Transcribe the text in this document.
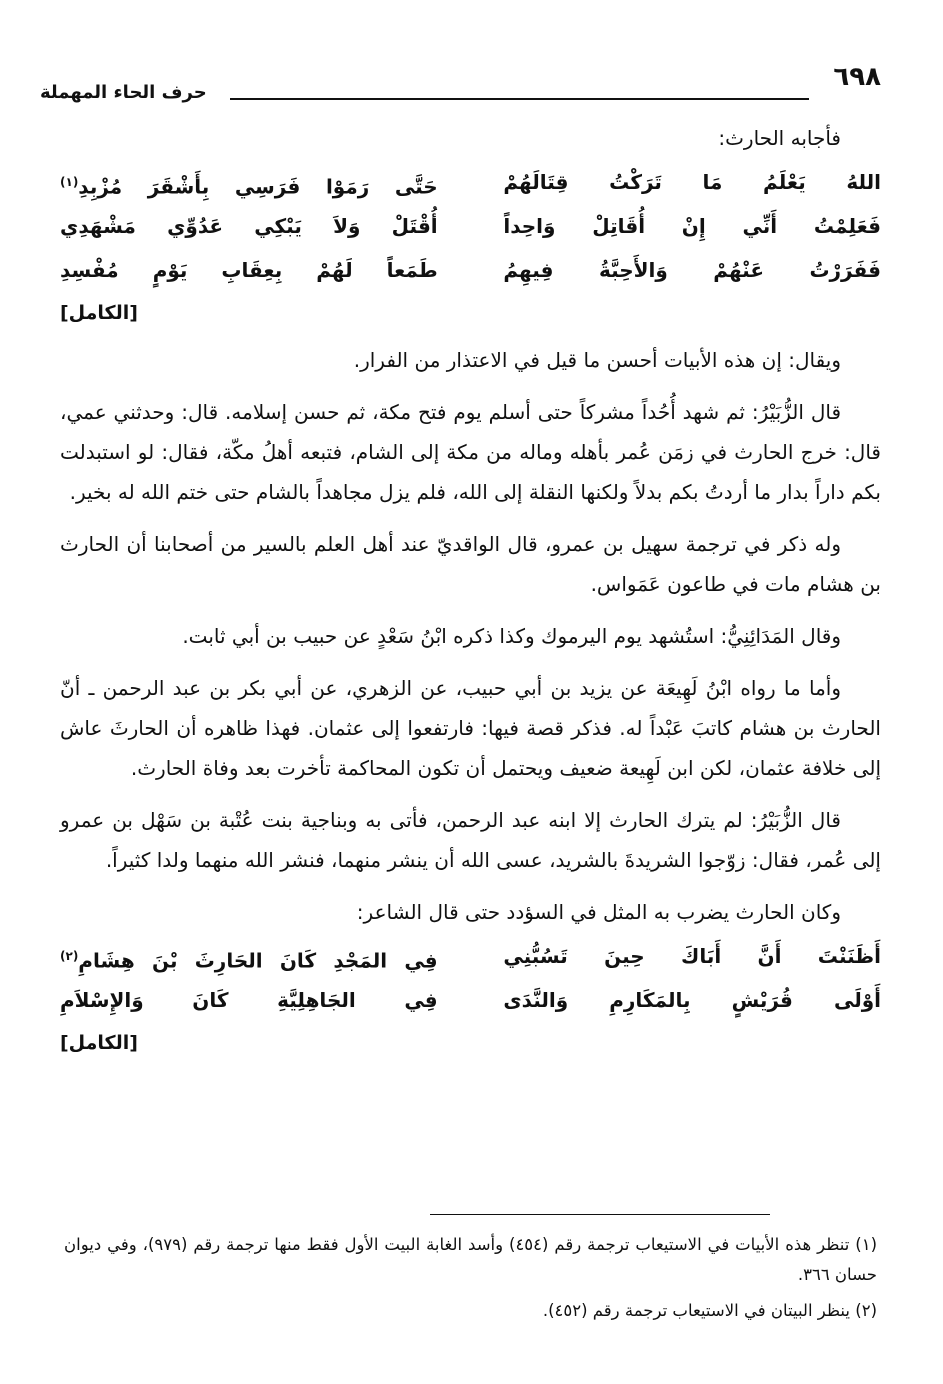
٦٩٨
حرف الحاء المهملة
فأجابه الحارث:
اللهُ يَعْلَمُ مَا تَرَكْتُ قِتَالَهُمْ
حَتَّى رَمَوْا فَرَسِي بِأَشْقَرَ مُزْبِدِ$^{(١)}$
فَعَلِمْتُ أَنِّي إِنْ أُقَاتِلْ وَاحِداً
أُقْتَلْ وَلاَ يَبْكِي عَدُوِّي مَشْهَدِي
فَفَرَرْتُ عَنْهُمْ وَالأَحِبَّةُ فِيهِمُ
طَمَعاً لَهُمْ بِعِقَابِ يَوْمٍ مُفْسِدِ
[الكامل]

ويقال: إن هذه الأبيات أحسن ما قيل في الاعتذار من الفرار.

قال الزُّبَيْرُ: ثم شهد أُحُداً مشركاً حتى أسلم يوم فتح مكة، ثم حسن إسلامه. قال: وحدثني عمي، قال: خرج الحارث في زمَن عُمر بأهله وماله من مكة إلى الشام، فتبعه أهلُ مكّة، فقال: لو استبدلت بكم داراً بدار ما أردتُ بكم بدلاً ولكنها النقلة إلى الله، فلم يزل مجاهداً بالشام حتى ختم الله له بخير.

وله ذكر في ترجمة سهيل بن عمرو، قال الواقديّ عند أهل العلم بالسير من أصحابنا أن الحارث بن هشام مات في طاعون عَمَواس.

وقال المَدَائِنِيُّ: استُشهد يوم اليرموك وكذا ذكره ابْنُ سَعْدٍ عن حبيب بن أبي ثابت.

وأما ما رواه ابْنُ لَهِيعَة عن يزيد بن أبي حبيب، عن الزهري، عن أبي بكر بن عبد الرحمن ـ أنّ الحارث بن هشام كاتبَ عَبْداً له. فذكر قصة فيها: فارتفعوا إلى عثمان. فهذا ظاهره أن الحارثَ عاش إلى خلافة عثمان، لكن ابن لَهِيعة ضعيف ويحتمل أن تكون المحاكمة تأخرت بعد وفاة الحارث.

قال الزُّبَيْرُ: لم يترك الحارث إلا ابنه عبد الرحمن، فأتى به وبناجية بنت عُتْبة بن سَهْل بن عمرو إلى عُمر، فقال: زوّجوا الشريدةَ بالشريد، عسى الله أن ينشر منهما، فنشر الله منهما ولدا كثيراً.

وكان الحارث يضرب به المثل في السؤدد حتى قال الشاعر:
أَظَنَنْتَ أَنَّ أَبَاكَ حِينَ تَسُبُّنِي
فِي المَجْدِ كَانَ الحَارِثَ بْنَ هِشَامِ$^{(٢)}$
أَوْلَى قُرَيْشٍ بِالمَكَارِمِ وَالنَّدَى
فِي الجَاهِلِيَّةِ كَانَ وَالإِسْلاَمِ
[الكامل]

(١) تنظر هذه الأبيات في الاستيعاب ترجمة رقم (٤٥٤) وأسد الغابة البيت الأول فقط منها ترجمة رقم (٩٧٩)، وفي ديوان حسان ٣٦٦.

(٢) ينظر البيتان في الاستيعاب ترجمة رقم (٤٥٢).
